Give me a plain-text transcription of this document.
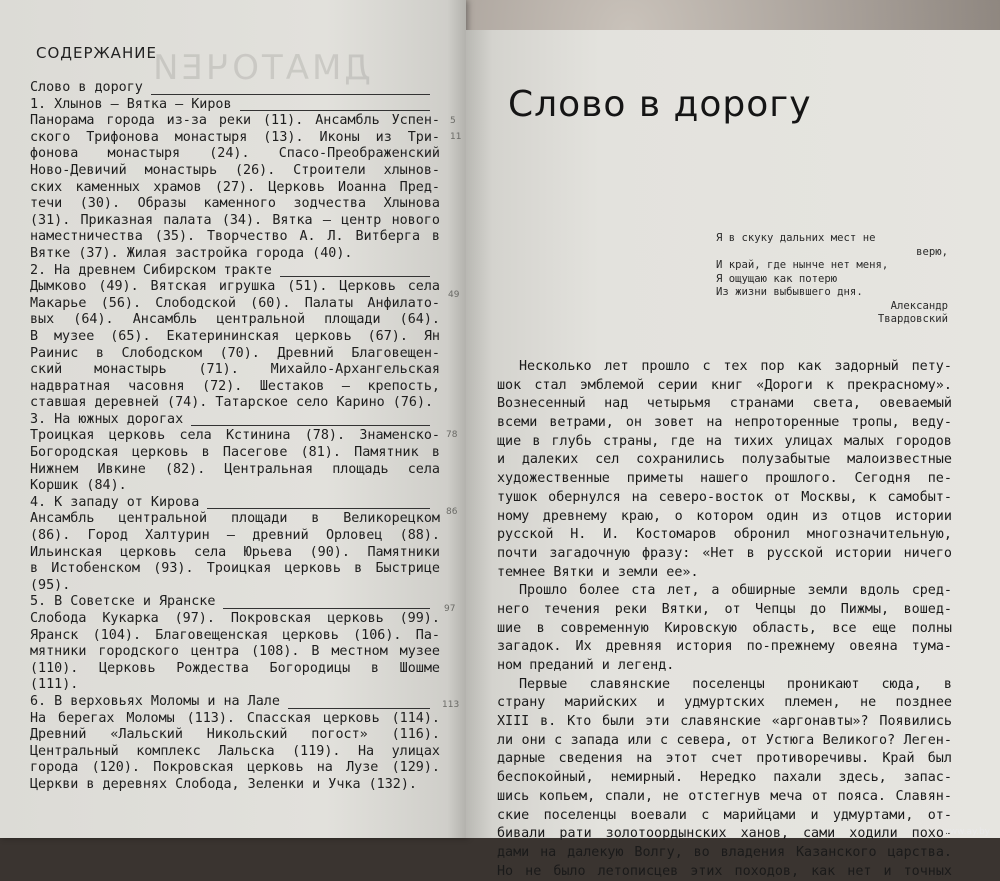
ДМАТОЧЕИ
СОДЕРЖАНИЕ
Слово в дорогу
1. Хлынов — Вятка — Киров
Панорама города из-за реки (11). Ансамбль Успен-
ского Трифонова монастыря (13). Иконы из Три-
фонова монастыря (24). Спасо-Преображенский
Ново-Девичий монастырь (26). Строители хлынов-
ских каменных храмов (27). Церковь Иоанна Пред-
течи (30). Образы каменного зодчества Хлынова
(31). Приказная палата (34). Вятка — центр нового
наместничества (35). Творчество А. Л. Витберга в
Вятке (37). Жилая застройка города (40).
2. На древнем Сибирском тракте
Дымково (49). Вятская игрушка (51). Церковь села
Макарье (56). Слободской (60). Палаты Анфилато-
вых (64). Ансамбль центральной площади (64).
В музее (65). Екатерининская церковь (67). Ян
Раинис в Слободском (70). Древний Благовещен-
ский монастырь (71). Михайло-Архангельская
надвратная часовня (72). Шестаков — крепость,
ставшая деревней (74). Татарское село Карино (76).
3. На южных дорогах
Троицкая церковь села Кстинина (78). Знаменско-
Богородская церковь в Пасегове (81). Памятник в
Нижнем Ивкине (82). Центральная площадь села
Коршик (84).
4. К западу от Кирова
Ансамбль центральной площади в Великорецком
(86). Город Халтурин — древний Орловец (88).
Ильинская церковь села Юрьева (90). Памятники
в Истобенском (93). Троицкая церковь в Быстрице
(95).
5. В Советске и Яранске
Слобода Кукарка (97). Покровская церковь (99).
Яранск (104). Благовещенская церковь (106). Па-
мятники городского центра (108). В местном музее
(110). Церковь Рождества Богородицы в Шошме
(111).
6. В верховьях Моломы и на Лале
На берегах Моломы (113). Спасская церковь (114).
Древний «Лальский Никольский погост» (116).
Центральный комплекс Лальска (119). На улицах
города (120). Покровская церковь на Лузе (129).
Церкви в деревнях Слобода, Зеленки и Учка (132).
5
11
49
78
86
97
113
Слово в дорогу
Я в скуку дальних мест не
верю,
И край, где нынче нет меня,
Я ощущаю как потерю
Из жизни выбывшего дня.
Александр
Твардовский
Несколько лет прошло с тех пор как задорный пету-
шок стал эмблемой серии книг «Дороги к прекрасному».
Вознесенный над четырьмя странами света, овеваемый
всеми ветрами, он зовет на непроторенные тропы, веду-
щие в глубь страны, где на тихих улицах малых городов
и далеких сел сохранились полузабытые малоизвестные
художественные приметы нашего прошлого. Сегодня пе-
тушок обернулся на северо-восток от Москвы, к самобыт-
ному древнему краю, о котором один из отцов истории
русской Н. И. Костомаров обронил многозначительную,
почти загадочную фразу: «Нет в русской истории ничего
темнее Вятки и земли ее».
Прошло более ста лет, а обширные земли вдоль сред-
него течения реки Вятки, от Чепцы до Пижмы, вошед-
шие в современную Кировскую область, все еще полны
загадок. Их древняя история по-прежнему овеяна тума-
ном преданий и легенд.
Первые славянские поселенцы проникают сюда, в
страну марийских и удмуртских племен, не позднее
XIII в. Кто были эти славянские «аргонавты»? Появились
ли они с запада или с севера, от Устюга Великого? Леген-
дарные сведения на этот счет противоречивы. Край был
беспокойный, немирный. Нередко пахали здесь, запас-
шись копьем, спали, не отстегнув меча от пояса. Славян-
ские поселенцы воевали с марийцами и удмуртами, от-
бивали рати золотоордынских ханов, сами ходили похо-
дами на далекую Волгу, во владения Казанского царства.
Но не было летописцев этих походов, как нет и точных
www.ay.by
